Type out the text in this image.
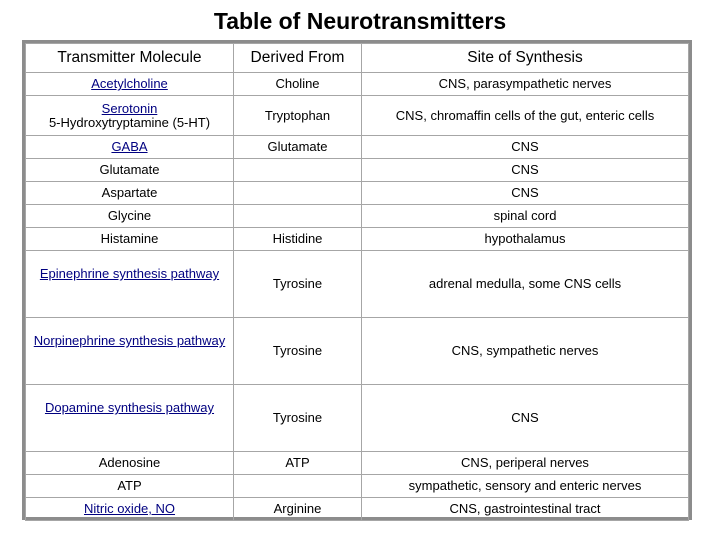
Table of Neurotransmitters
Transmitter Molecule	Derived From	Site of Synthesis
Acetylcholine	Choline	CNS, parasympathetic nerves
Serotonin
5-Hydroxytryptamine (5-HT)	Tryptophan	CNS, chromaffin cells of the gut, enteric cells
GABA	Glutamate	CNS
Glutamate		CNS
Aspartate		CNS
Glycine		spinal cord
Histamine	Histidine	hypothalamus
Epinephrine synthesis pathway	Tyrosine	adrenal medulla, some CNS cells
Norpinephrine synthesis pathway	Tyrosine	CNS, sympathetic nerves
Dopamine synthesis pathway	Tyrosine	CNS
Adenosine	ATP	CNS, periperal nerves
ATP		sympathetic, sensory and enteric nerves
Nitric oxide, NO	Arginine	CNS, gastrointestinal tract
